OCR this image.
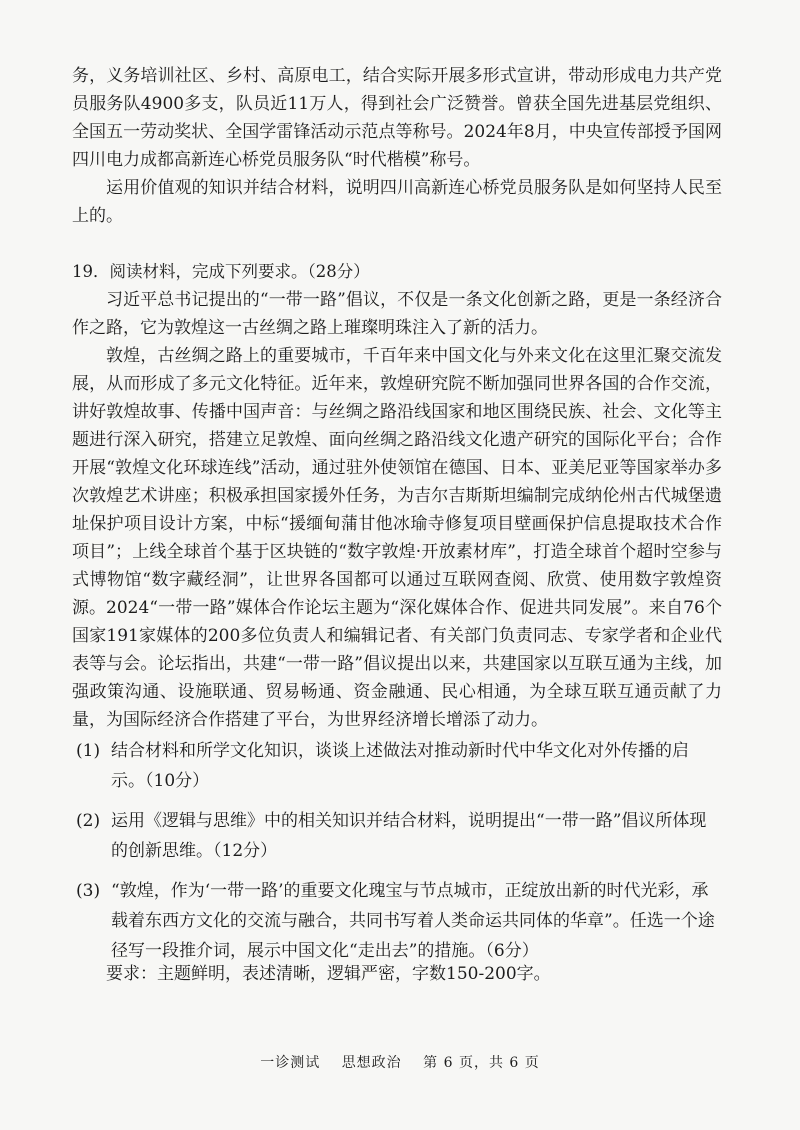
务，义务培训社区、乡村、高原电工，结合实际开展多形式宣讲，带动形成电力共产党员服务队4900多支，队员近11万人，得到社会广泛赞誉。曾获全国先进基层党组织、全国五一劳动奖状、全国学雷锋活动示范点等称号。2024年8月，中央宣传部授予国网四川电力成都高新连心桥党员服务队“时代楷模”称号。

运用价值观的知识并结合材料，说明四川高新连心桥党员服务队是如何坚持人民至上的。

19．阅读材料，完成下列要求。（28分）

习近平总书记提出的“一带一路”倡议，不仅是一条文化创新之路，更是一条经济合作之路，它为敦煌这一古丝绸之路上璀璨明珠注入了新的活力。

敦煌，古丝绸之路上的重要城市，千百年来中国文化与外来文化在这里汇聚交流发展，从而形成了多元文化特征。近年来，敦煌研究院不断加强同世界各国的合作交流，讲好敦煌故事、传播中国声音：与丝绸之路沿线国家和地区围绕民族、社会、文化等主题进行深入研究，搭建立足敦煌、面向丝绸之路沿线文化遗产研究的国际化平台；合作开展“敦煌文化环球连线”活动，通过驻外使领馆在德国、日本、亚美尼亚等国家举办多次敦煌艺术讲座；积极承担国家援外任务，为吉尔吉斯斯坦编制完成纳伦州古代城堡遗址保护项目设计方案，中标“援缅甸蒲甘他冰瑜寺修复项目壁画保护信息提取技术合作项目”；上线全球首个基于区块链的“数字敦煌·开放素材库”，打造全球首个超时空参与式博物馆“数字藏经洞”，让世界各国都可以通过互联网查阅、欣赏、使用数字敦煌资源。 2024“一带一路”媒体合作论坛主题为“深化媒体合作、促进共同发展”。来自76个国家191家媒体的200多位负责人和编辑记者、有关部门负责同志、专家学者和企业代表等与会。论坛指出，共建“一带一路”倡议提出以来，共建国家以互联互通为主线，加强政策沟通、设施联通、贸易畅通、资金融通、民心相通，为全球互联互通贡献了力量，为国际经济合作搭建了平台，为世界经济增长增添了动力。

(1) 结合材料和所学文化知识，谈谈上述做法对推动新时代中华文化对外传播的启示。（10分）
(2) 运用《逻辑与思维》中的相关知识并结合材料，说明提出“一带一路”倡议所体现的创新思维。（12分）
(3) “敦煌，作为‘一带一路’的重要文化瑰宝与节点城市，正绽放出新的时代光彩，承载着东西方文化的交流与融合，共同书写着人类命运共同体的华章”。任选一个途径写一段推介词，展示中国文化“走出去”的措施。（6分）

要求：主题鲜明，表述清晰，逻辑严密，字数150-200字。

一诊测试 思想政治 第 6 页，共 6 页
